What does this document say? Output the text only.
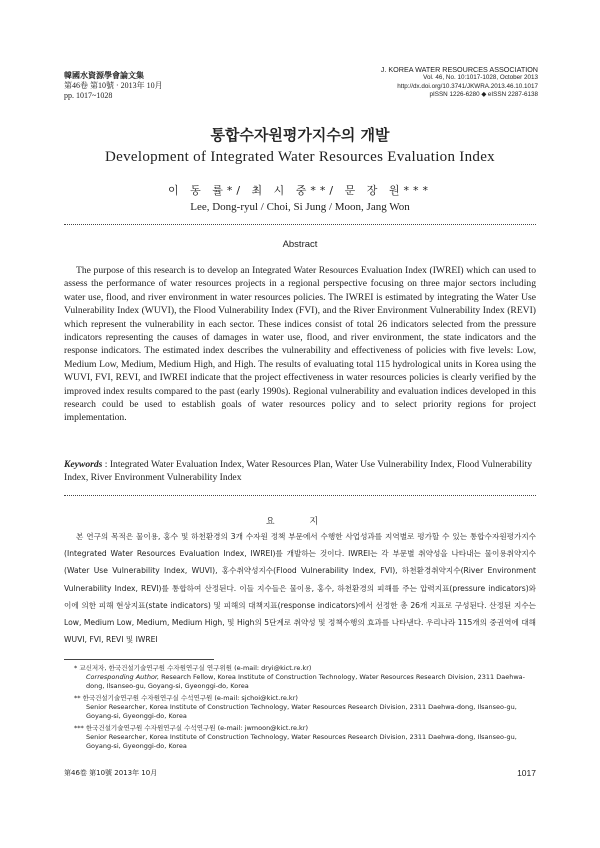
韓國水資源學會論文集
第46卷 第10號 · 2013年 10月
pp. 1017~1028
J. KOREA WATER RESOURCES ASSOCIATION
Vol. 46, No. 10:1017-1028, October 2013
http://dx.doi.org/10.3741/JKWRA.2013.46.10.1017
pISSN 1226-6280 ◆ eISSN 2287-6138
통합수자원평가지수의 개발
Development of Integrated Water Resources Evaluation Index
이 동 률*/ 최 시 중**/ 문 장 원***
Lee, Dong-ryul / Choi, Si Jung / Moon, Jang Won
Abstract
The purpose of this research is to develop an Integrated Water Resources Evaluation Index (IWREI) which can used to assess the performance of water resources projects in a regional perspective focusing on three major sectors including water use, flood, and river environment in water resources policies. The IWREI is estimated by integrating the Water Use Vulnerability Index (WUVI), the Flood Vulnerability Index (FVI), and the River Environment Vulnerability Index (REVI) which represent the vulnerability in each sector. These indices consist of total 26 indicators selected from the pressure indicators representing the causes of damages in water use, flood, and river environment, the state indicators and the response indicators. The estimated index describes the vulnerability and effectiveness of policies with five levels: Low, Medium Low, Medium, Medium High, and High. The results of evaluating total 115 hydrological units in Korea using the WUVI, FVI, REVI, and IWREI indicate that the project effectiveness in water resources policies is clearly verified by the improved index results compared to the past (early 1990s). Regional vulnerability and evaluation indices developed in this research could be used to establish goals of water resources policy and to select priority regions for project implementation.
Keywords : Integrated Water Evaluation Index, Water Resources Plan, Water Use Vulnerability Index, Flood Vulnerability Index, River Environment Vulnerability Index
요 지
본 연구의 목적은 물이용, 홍수 및 하천환경의 3개 수자원 정책 부문에서 수행한 사업성과를 지역별로 평가할 수 있는 통합수자원평가지수(Integrated Water Resources Evaluation Index, IWREI)를 개발하는 것이다. IWREI는 각 부문별 취약성을 나타내는 물이용취약지수(Water Use Vulnerability Index, WUVI), 홍수취약성지수(Flood Vulnerability Index, FVI), 하천환경취약지수(River Environment Vulnerability Index, REVI)를 통합하여 산정된다. 이들 지수들은 물이용, 홍수, 하천환경의 피해를 주는 압력지표(pressure indicators)와 이에 의한 피해 현상지표(state indicators) 및 피해의 대책지표(response indicators)에서 선정한 총 26개 지표로 구성된다. 산정된 지수는 Low, Medium Low, Medium, Medium High, 및 High의 5단계로 취약성 및 정책수행의 효과를 나타낸다. 우리나라 115개의 중권역에 대해 WUVI, FVI, REVI 및 IWREI
* 교신저자, 한국건설기술연구원 수자원연구실 연구위원 (e-mail: dryi@kict.re.kr)
Corresponding Author, Research Fellow, Korea Institute of Construction Technology, Water Resources Research Division, 2311 Daehwa-dong, Ilsanseo-gu, Goyang-si, Gyeonggi-do, Korea
** 한국건설기술연구원 수자원연구실 수석연구원 (e-mail: sjchoi@kict.re.kr)
Senior Researcher, Korea Institute of Construction Technology, Water Resources Research Division, 2311 Daehwa-dong, Ilsanseo-gu, Goyang-si, Gyeonggi-do, Korea
*** 한국건설기술연구원 수자원연구실 수석연구원 (e-mail: jwmoon@kict.re.kr)
Senior Researcher, Korea Institute of Construction Technology, Water Resources Research Division, 2311 Daehwa-dong, Ilsanseo-gu, Goyang-si, Gyeonggi-do, Korea
第46卷 第10號 2013年 10月	1017
